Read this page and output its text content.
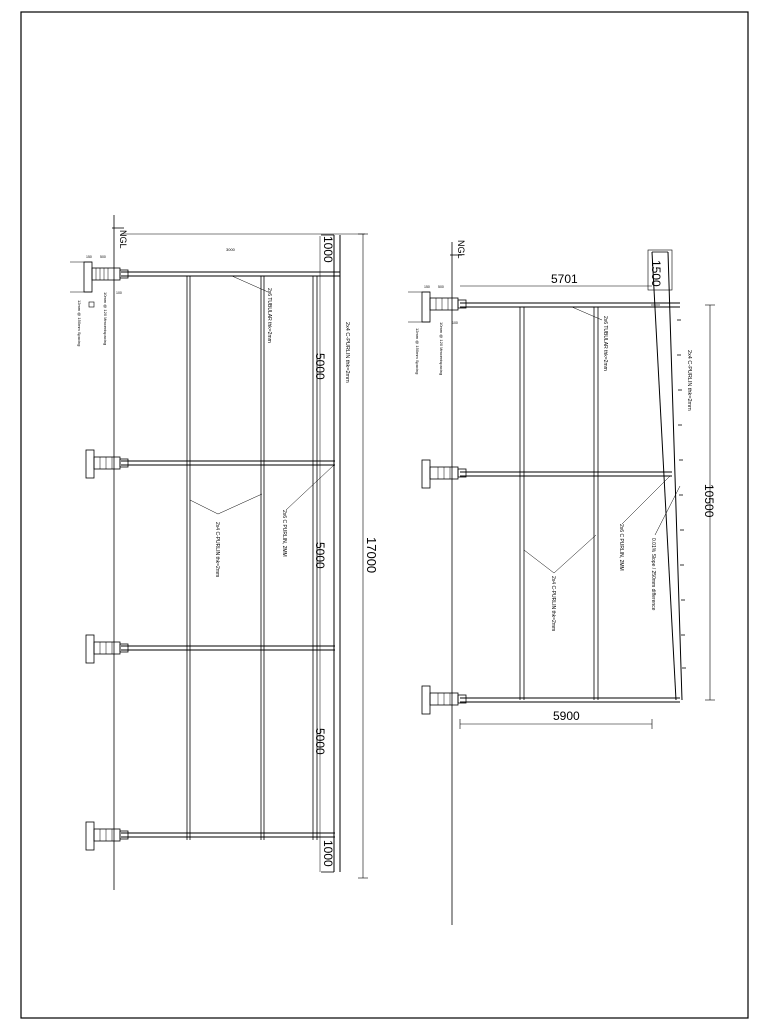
NGL
3000
17000
1000
5000
5000
5000
1000
2x6 TUBULAR thk=2mm
2x4 C-PURLIN thk=2mm
2x6 C PURLIN, 2MM
2x4 C-PURLIN thk=2mm
150 500
100
10mm @ 120 Mmcentspacing
12mm @ 150mm Spacing
NGL
5701	1500
10500
5900
2x6 TUBULAR thk=2mm
2x4 C-PURLIN thk=2mm
2x6 C PURLIN, 2MM	0.01% Slope / 250mm difference
2x4 C-PURLIN thk=2mm
150 500
100
10mm @ 120 Mmcentspacing
12mm @ 150mm Spacing
